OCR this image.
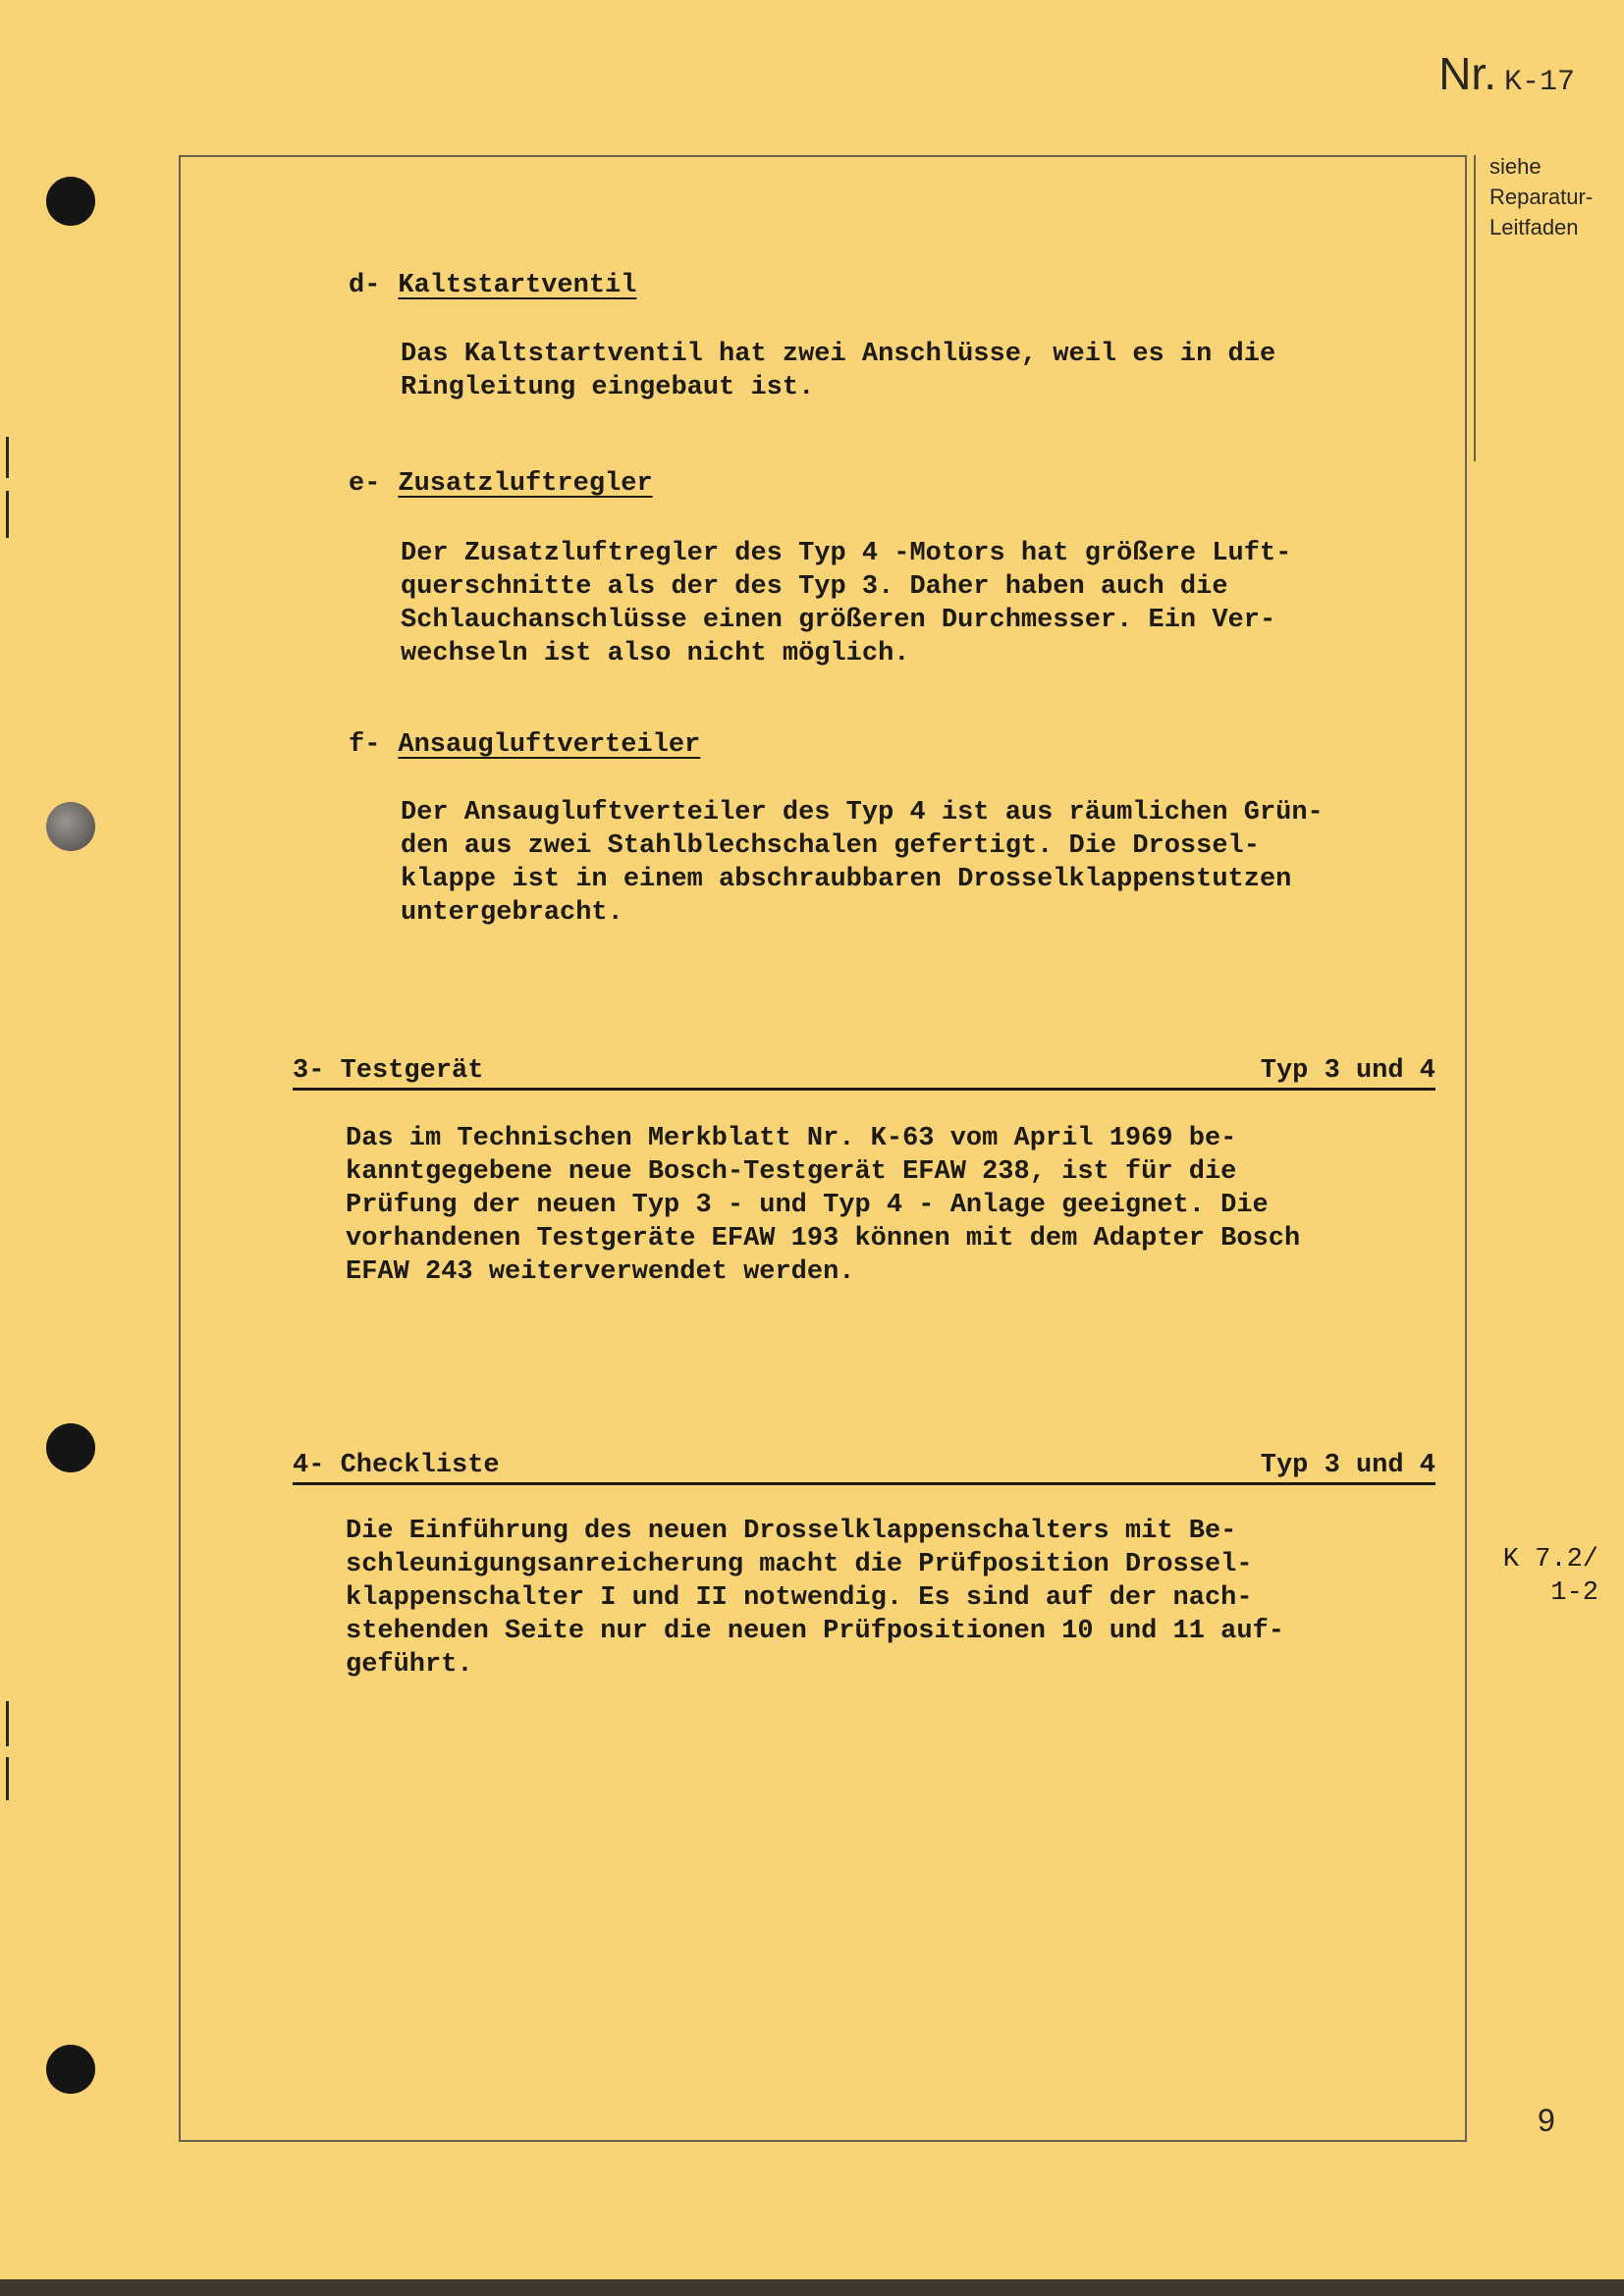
Nr. K-17
siehe
Reparatur-
Leitfaden
d- Kaltstartventil
Das Kaltstartventil hat zwei Anschlüsse, weil es in die
Ringleitung eingebaut ist.
e- Zusatzluftregler
Der Zusatzluftregler des Typ 4 -Motors hat größere Luft-
querschnitte als der des Typ 3. Daher haben auch die
Schlauchanschlüsse einen größeren Durchmesser. Ein Ver-
wechseln ist also nicht möglich.
f- Ansaugluftverteiler
Der Ansaugluftverteiler des Typ 4 ist aus räumlichen Grün-
den aus zwei Stahlblechschalen gefertigt. Die Drossel-
klappe ist in einem abschraubbaren Drosselklappenstutzen
untergebracht.
3- Testgerät	Typ 3 und 4
Das im Technischen Merkblatt Nr. K-63 vom April 1969 be-
kanntgegebene neue Bosch-Testgerät EFAW 238, ist für die
Prüfung der neuen Typ 3 - und Typ 4 - Anlage geeignet. Die
vorhandenen Testgeräte EFAW 193 können mit dem Adapter Bosch
EFAW 243 weiterverwendet werden.
4- Checkliste	Typ 3 und 4
Die Einführung des neuen Drosselklappenschalters mit Be-
schleunigungsanreicherung macht die Prüfposition Drossel-
klappenschalter I und II notwendig. Es sind auf der nach-
stehenden Seite nur die neuen Prüfpositionen 10 und 11 auf-
geführt.
K 7.2/
1-2
9
